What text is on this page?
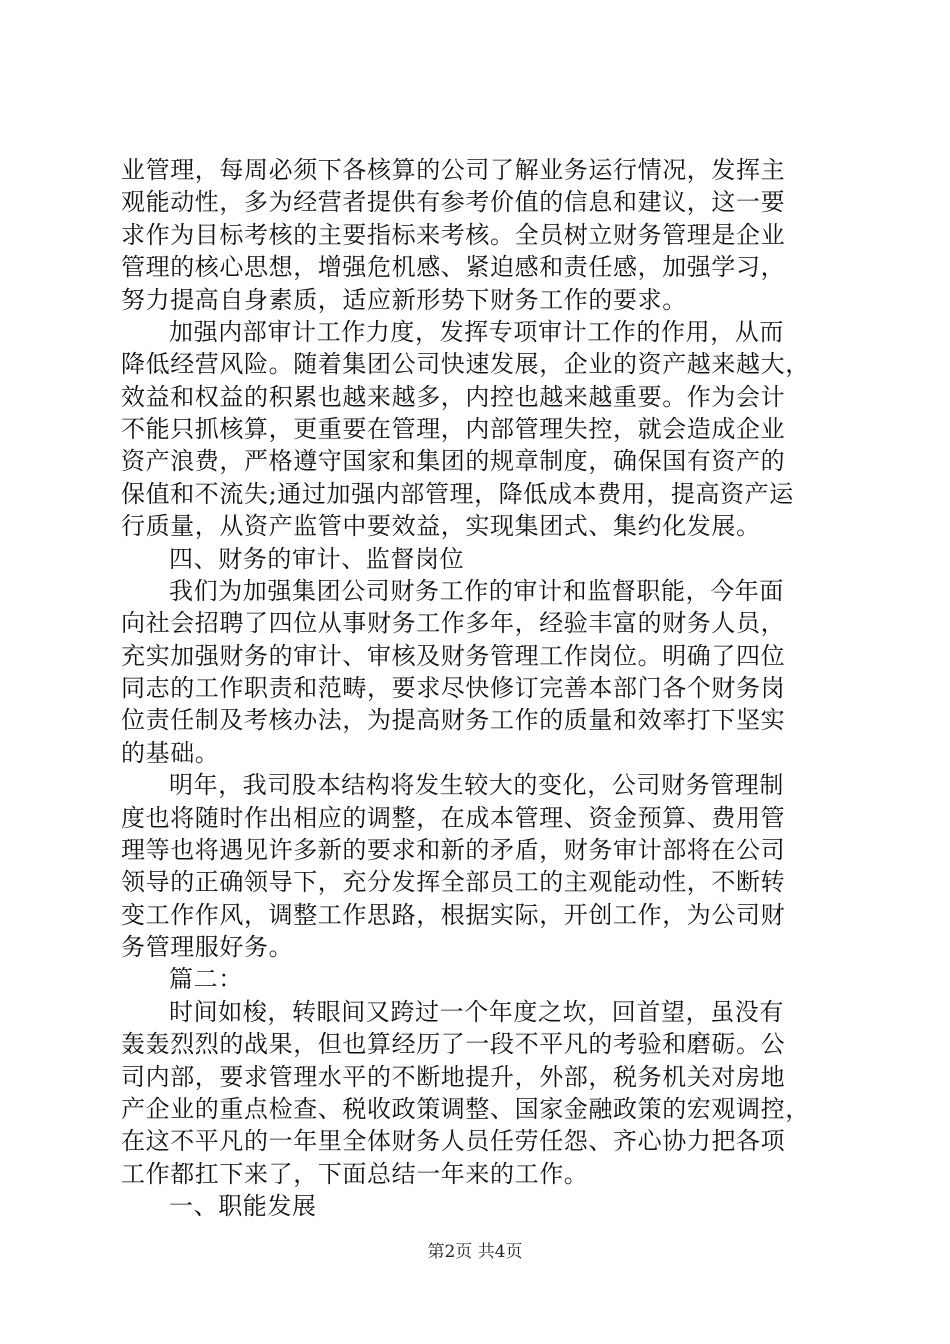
业管理，每周必须下各核算的公司了解业务运行情况，发挥主
观能动性，多为经营者提供有参考价值的信息和建议，这一要
求作为目标考核的主要指标来考核。全员树立财务管理是企业
管理的核心思想，增强危机感、紧迫感和责任感，加强学习，
努力提高自身素质，适应新形势下财务工作的要求。
加强内部审计工作力度，发挥专项审计工作的作用，从而
降低经营风险。随着集团公司快速发展，企业的资产越来越大，
效益和权益的积累也越来越多，内控也越来越重要。作为会计
不能只抓核算，更重要在管理，内部管理失控，就会造成企业
资产浪费，严格遵守国家和集团的规章制度，确保国有资产的
保值和不流失;通过加强内部管理，降低成本费用，提高资产运
行质量，从资产监管中要效益，实现集团式、集约化发展。
四、财务的审计、监督岗位
我们为加强集团公司财务工作的审计和监督职能，今年面
向社会招聘了四位从事财务工作多年，经验丰富的财务人员，
充实加强财务的审计、审核及财务管理工作岗位。明确了四位
同志的工作职责和范畴，要求尽快修订完善本部门各个财务岗
位责任制及考核办法，为提高财务工作的质量和效率打下坚实
的基础。
明年，我司股本结构将发生较大的变化，公司财务管理制
度也将随时作出相应的调整，在成本管理、资金预算、费用管
理等也将遇见许多新的要求和新的矛盾，财务审计部将在公司
领导的正确领导下，充分发挥全部员工的主观能动性，不断转
变工作作风，调整工作思路，根据实际，开创工作，为公司财
务管理服好务。
篇二：
时间如梭，转眼间又跨过一个年度之坎，回首望，虽没有
轰轰烈烈的战果，但也算经历了一段不平凡的考验和磨砺。公
司内部，要求管理水平的不断地提升，外部，税务机关对房地
产企业的重点检查、税收政策调整、国家金融政策的宏观调控，
在这不平凡的一年里全体财务人员任劳任怨、齐心协力把各项
工作都扛下来了，下面总结一年来的工作。
一、职能发展
第2页 共4页
